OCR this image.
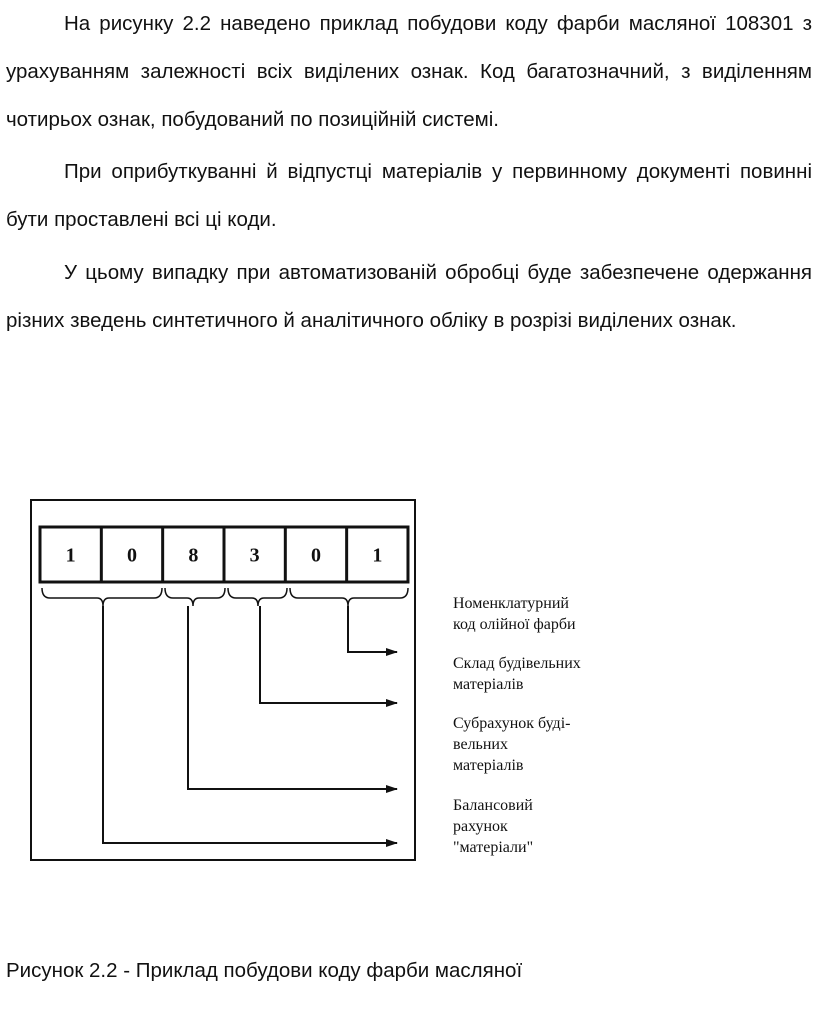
На рисунку 2.2 наведено приклад побудови коду фарби масляної 108301 з урахуванням залежності всіх виділених ознак. Код багатозначний, з виділенням чотирьох ознак, побудований по позиційній системі.

При оприбуткуванні й відпустці матеріалів у первинному документі повинні бути проставлені всі ці коди.

У цьому випадку при автоматизованій обробці буде забезпечене одержання різних зведень синтетичного й аналітичного обліку в розрізі виділених ознак.

1	0	8	3	0	1
Номенклатурний
код олійної фарби
Склад будівельних
матеріалів
Субрахунок буді-
вельних
матеріалів
Балансовий
рахунок
"матеріали"

Рисунок 2.2 - Приклад побудови коду фарби масляної
